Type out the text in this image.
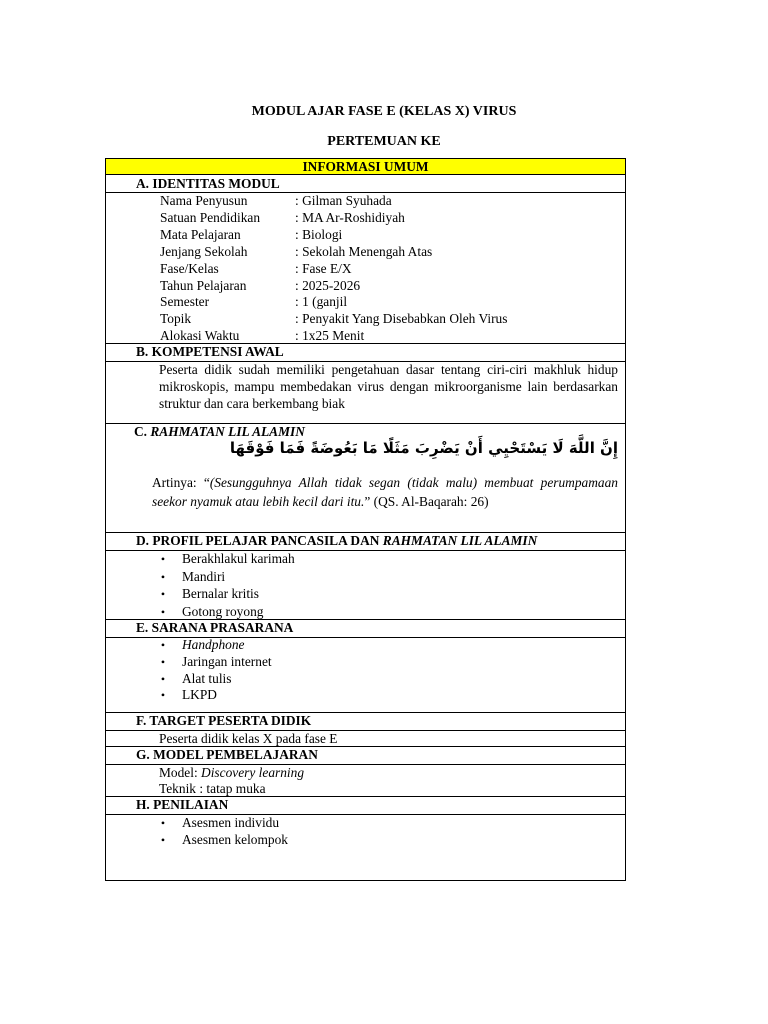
MODUL AJAR FASE E (KELAS X) VIRUS
PERTEMUAN KE
INFORMASI UMUM
A. IDENTITAS MODUL
Nama Penyusun	: Gilman Syuhada
Satuan Pendidikan	: MA Ar-Roshidiyah
Mata Pelajaran	: Biologi
Jenjang Sekolah	: Sekolah Menengah Atas
Fase/Kelas	: Fase E/X
Tahun Pelajaran	: 2025-2026
Semester	: 1 (ganjil
Topik	: Penyakit Yang Disebabkan Oleh Virus
Alokasi Waktu	: 1x25 Menit
B. KOMPETENSI AWAL
Peserta didik sudah memiliki pengetahuan dasar tentang ciri-ciri makhluk hidup mikroskopis, mampu membedakan virus dengan mikroorganisme lain berdasarkan struktur dan cara berkembang biak
C. RAHMATAN LIL ALAMIN
إِنَّ اللَّهَ لَا يَسْتَحْيِي أَنْ يَضْرِبَ مَثَلًا مَا بَعُوضَةً فَمَا فَوْقَهَا
Artinya: “(Sesungguhnya Allah tidak segan (tidak malu) membuat perumpamaan seekor nyamuk atau lebih kecil dari itu.” (QS. Al-Baqarah: 26)
D. PROFIL PELAJAR PANCASILA DAN RAHMATAN LIL ALAMIN
• Berakhlakul karimah
• Mandiri
• Bernalar kritis
• Gotong royong
E. SARANA PRASARANA
• Handphone
• Jaringan internet
• Alat tulis
• LKPD
F. TARGET PESERTA DIDIK
Peserta didik kelas X pada fase E
G. MODEL PEMBELAJARAN
Model: Discovery learning
Teknik : tatap muka
H. PENILAIAN
• Asesmen individu
• Asesmen kelompok
